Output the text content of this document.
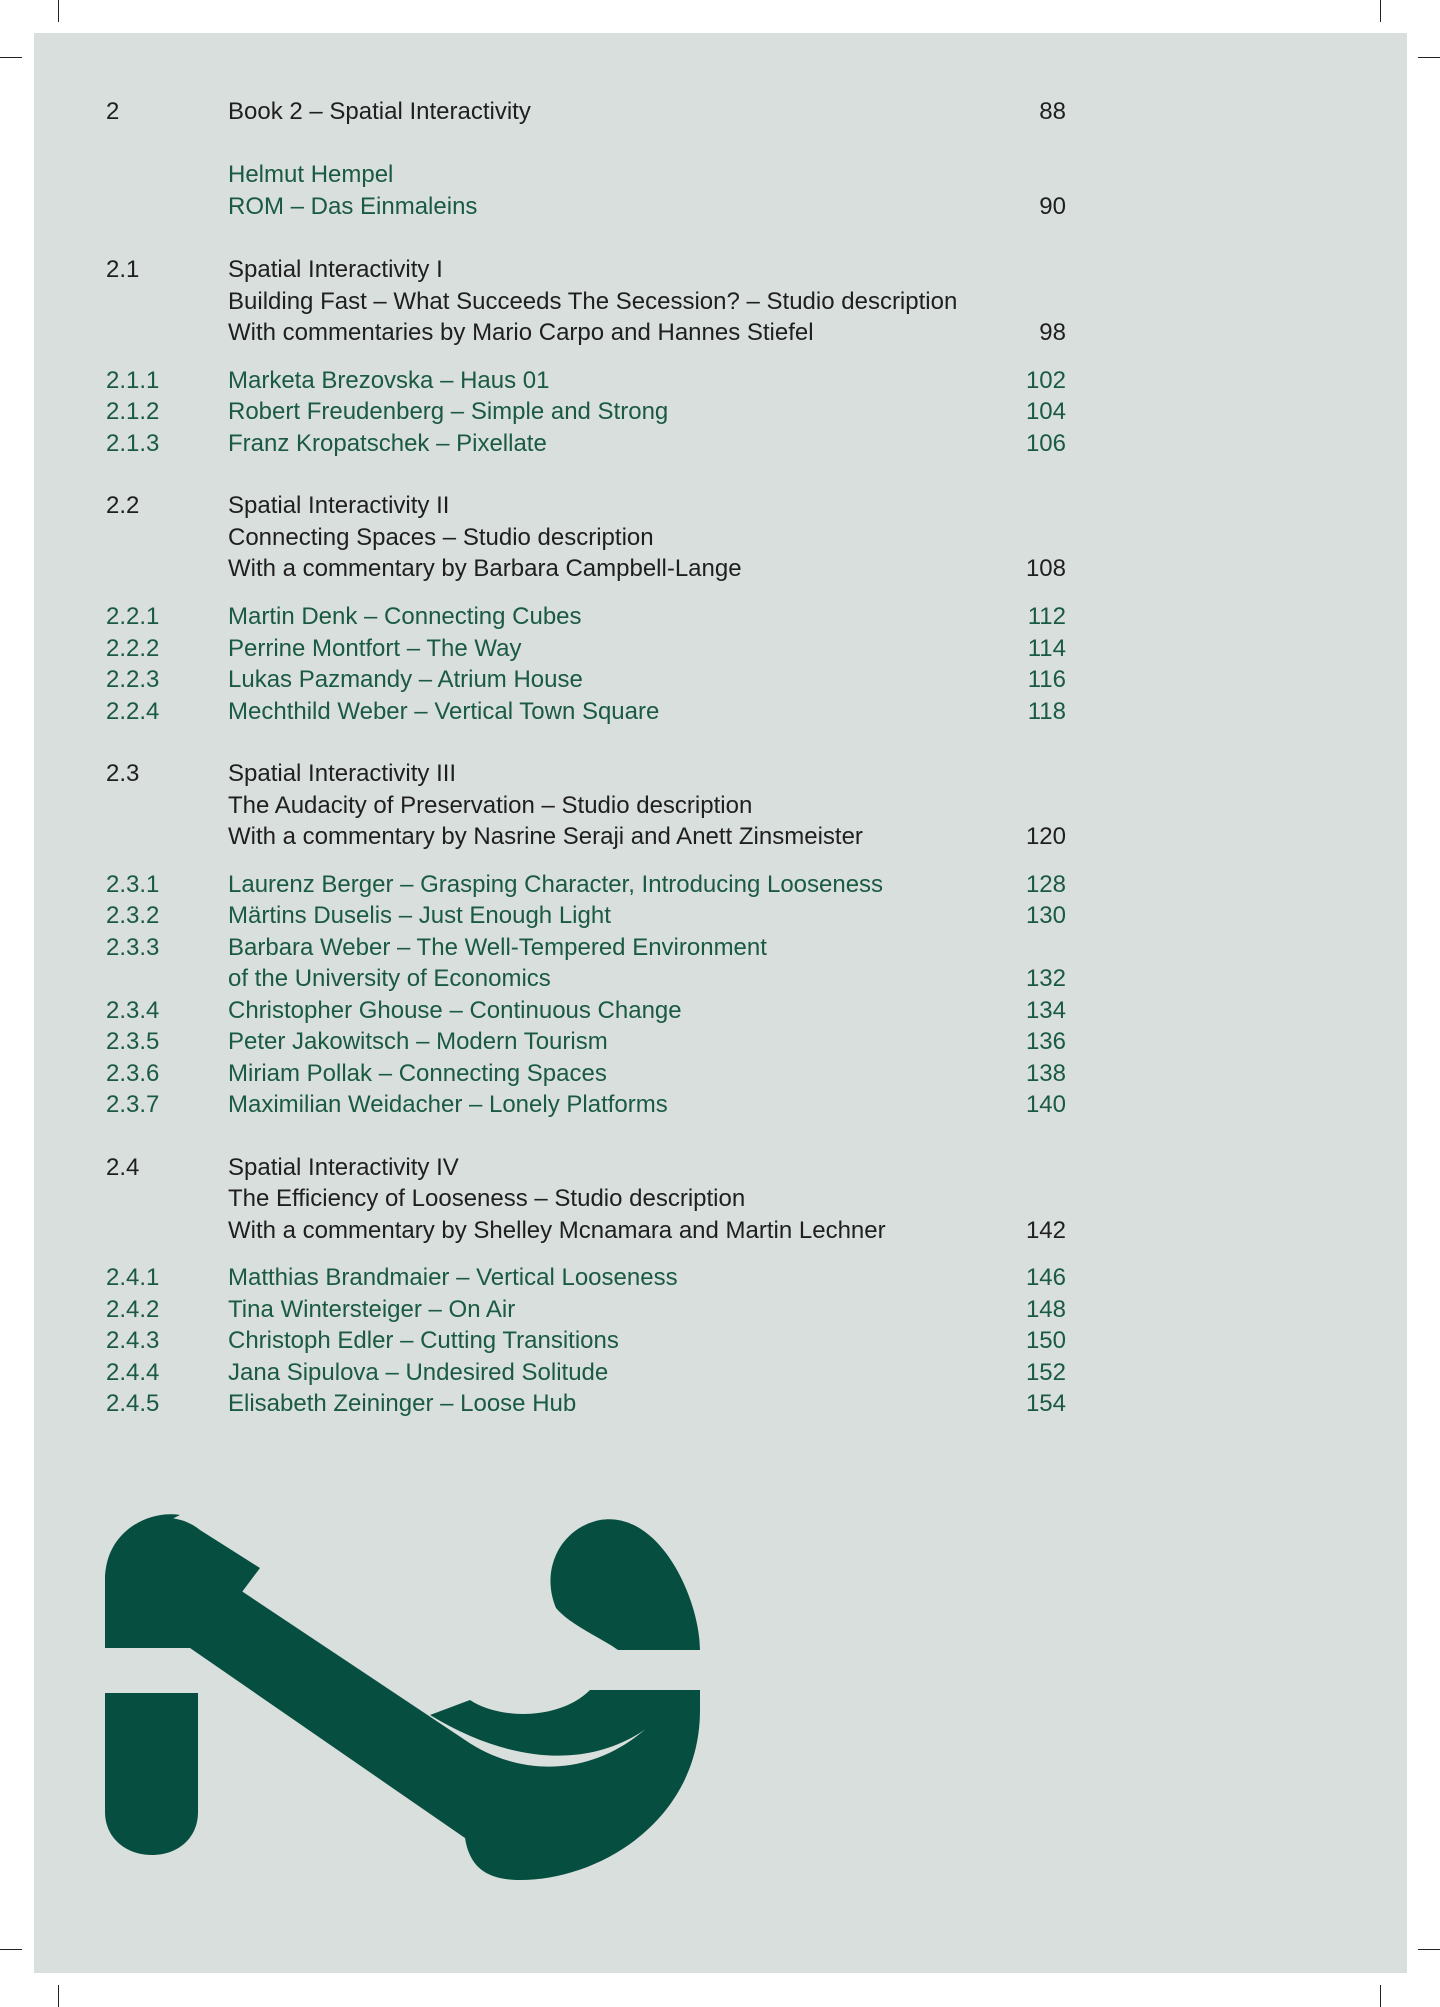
2	Book 2 – Spatial Interactivity	88
Helmut Hempel
ROM – Das Einmaleins	90
2.1	Spatial Interactivity I
Building Fast – What Succeeds The Secession? – Studio description
With commentaries by Mario Carpo and Hannes Stiefel	98
2.1.1	Marketa Brezovska – Haus 01	102
2.1.2	Robert Freudenberg – Simple and Strong	104
2.1.3	Franz Kropatschek – Pixellate	106
2.2	Spatial Interactivity II
Connecting Spaces – Studio description
With a commentary by Barbara Campbell-Lange	108
2.2.1	Martin Denk – Connecting Cubes	112
2.2.2	Perrine Montfort – The Way	114
2.2.3	Lukas Pazmandy – Atrium House	116
2.2.4	Mechthild Weber – Vertical Town Square	118
2.3	Spatial Interactivity III
The Audacity of Preservation – Studio description
With a commentary by Nasrine Seraji and Anett Zinsmeister	120
2.3.1	Laurenz Berger – Grasping Character, Introducing Looseness	128
2.3.2	Märtins Duselis – Just Enough Light	130
2.3.3	Barbara Weber – The Well-Tempered Environment
of the University of Economics	132
2.3.4	Christopher Ghouse – Continuous Change	134
2.3.5	Peter Jakowitsch – Modern Tourism	136
2.3.6	Miriam Pollak – Connecting Spaces	138
2.3.7	Maximilian Weidacher – Lonely Platforms	140
2.4	Spatial Interactivity IV
The Efficiency of Looseness – Studio description
With a commentary by Shelley Mcnamara and Martin Lechner	142
2.4.1	Matthias Brandmaier – Vertical Looseness	146
2.4.2	Tina Wintersteiger – On Air	148
2.4.3	Christoph Edler – Cutting Transitions	150
2.4.4	Jana Sipulova – Undesired Solitude	152
2.4.5	Elisabeth Zeininger – Loose Hub	154
